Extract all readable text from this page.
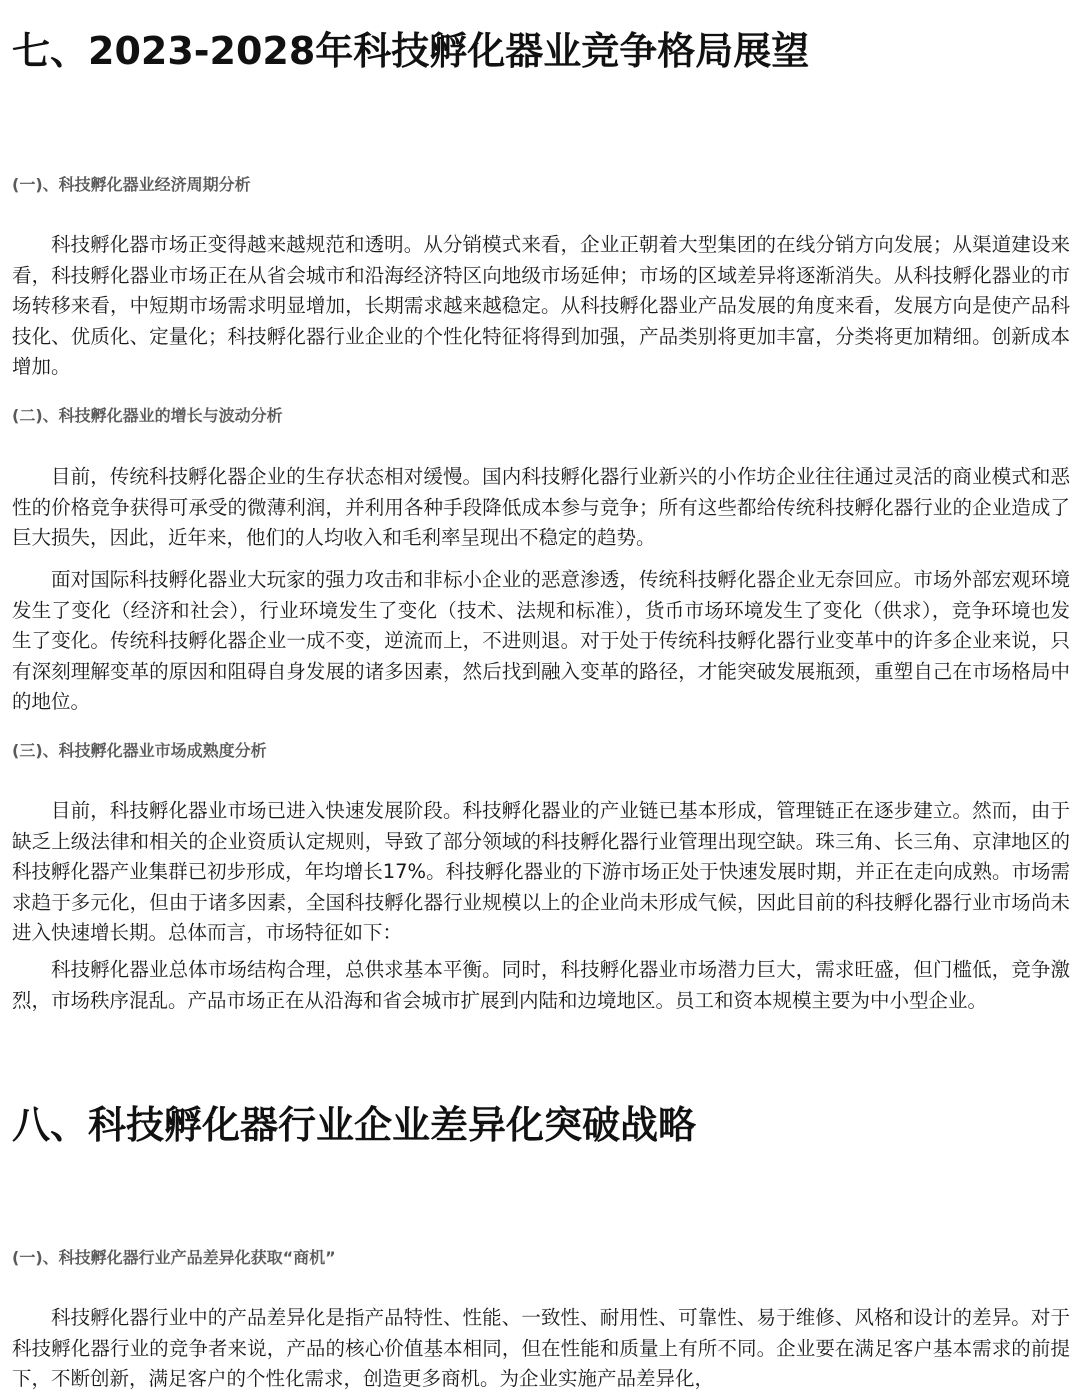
七、2023-2028年科技孵化器业竞争格局展望
(一)、科技孵化器业经济周期分析

科技孵化器市场正变得越来越规范和透明。从分销模式来看，企业正朝着大型集团的在线分销方向发展；从渠道建设来看，科技孵化器业市场正在从省会城市和沿海经济特区向地级市场延伸；市场的区域差异将逐渐消失。从科技孵化器业的市场转移来看，中短期市场需求明显增加，长期需求越来越稳定。从科技孵化器业产品发展的角度来看，发展方向是使产品科技化、优质化、定量化；科技孵化器行业企业的个性化特征将得到加强，产品类别将更加丰富，分类将更加精细。创新成本增加。

(二)、科技孵化器业的增长与波动分析

目前，传统科技孵化器企业的生存状态相对缓慢。国内科技孵化器行业新兴的小作坊企业往往通过灵活的商业模式和恶性的价格竞争获得可承受的微薄利润，并利用各种手段降低成本参与竞争；所有这些都给传统科技孵化器行业的企业造成了巨大损失，因此，近年来，他们的人均收入和毛利率呈现出不稳定的趋势。

面对国际科技孵化器业大玩家的强力攻击和非标小企业的恶意渗透，传统科技孵化器企业无奈回应。市场外部宏观环境发生了变化（经济和社会），行业环境发生了变化（技术、法规和标准），货币市场环境发生了变化（供求），竞争环境也发生了变化。传统科技孵化器企业一成不变，逆流而上，不进则退。对于处于传统科技孵化器行业变革中的许多企业来说，只有深刻理解变革的原因和阻碍自身发展的诸多因素，然后找到融入变革的路径，才能突破发展瓶颈，重塑自己在市场格局中的地位。

(三)、科技孵化器业市场成熟度分析

目前，科技孵化器业市场已进入快速发展阶段。科技孵化器业的产业链已基本形成，管理链正在逐步建立。然而，由于缺乏上级法律和相关的企业资质认定规则，导致了部分领域的科技孵化器行业管理出现空缺。珠三角、长三角、京津地区的科技孵化器产业集群已初步形成，年均增长17%。科技孵化器业的下游市场正处于快速发展时期，并正在走向成熟。市场需求趋于多元化，但由于诸多因素，全国科技孵化器行业规模以上的企业尚未形成气候，因此目前的科技孵化器行业市场尚未进入快速增长期。总体而言，市场特征如下：

科技孵化器业总体市场结构合理，总供求基本平衡。同时，科技孵化器业市场潜力巨大，需求旺盛，但门槛低，竞争激烈，市场秩序混乱。产品市场正在从沿海和省会城市扩展到内陆和边境地区。员工和资本规模主要为中小型企业。

八、科技孵化器行业企业差异化突破战略
(一)、科技孵化器行业产品差异化获取“商机”

科技孵化器行业中的产品差异化是指产品特性、性能、一致性、耐用性、可靠性、易于维修、风格和设计的差异。对于科技孵化器行业的竞争者来说，产品的核心价值基本相同，但在性能和质量上有所不同。企业要在满足客户基本需求的前提下，不断创新，满足客户的个性化需求，创造更多商机。为企业实施产品差异化，
